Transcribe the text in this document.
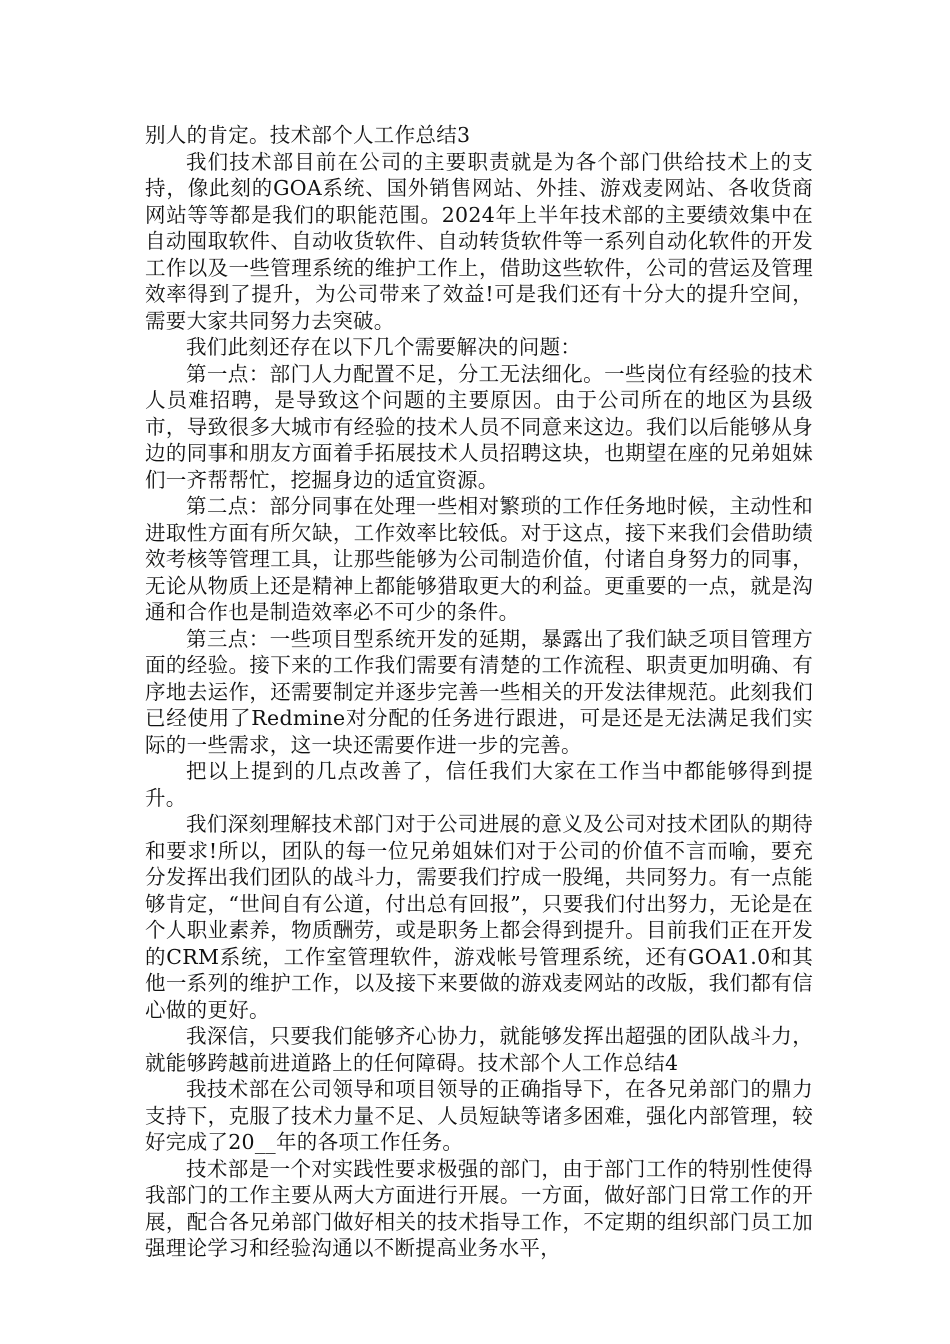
别人的肯定。技术部个人工作总结3

我们技术部目前在公司的主要职责就是为各个部门供给技术上的支持，像此刻的GOA系统、国外销售网站、外挂、游戏麦网站、各收货商网站等等都是我们的职能范围。2024年上半年技术部的主要绩效集中在自动囤取软件、自动收货软件、自动转货软件等一系列自动化软件的开发工作以及一些管理系统的维护工作上，借助这些软件，公司的营运及管理效率得到了提升，为公司带来了效益!可是我们还有十分大的提升空间，需要大家共同努力去突破。

我们此刻还存在以下几个需要解决的问题：

第一点：部门人力配置不足，分工无法细化。一些岗位有经验的技术人员难招聘，是导致这个问题的主要原因。由于公司所在的地区为县级市，导致很多大城市有经验的技术人员不同意来这边。我们以后能够从身边的同事和朋友方面着手拓展技术人员招聘这块，也期望在座的兄弟姐妹们一齐帮帮忙，挖掘身边的适宜资源。

第二点：部分同事在处理一些相对繁琐的工作任务地时候，主动性和进取性方面有所欠缺，工作效率比较低。对于这点，接下来我们会借助绩效考核等管理工具，让那些能够为公司制造价值，付诸自身努力的同事，无论从物质上还是精神上都能够猎取更大的利益。更重要的一点，就是沟通和合作也是制造效率必不可少的条件。

第三点：一些项目型系统开发的延期，暴露出了我们缺乏项目管理方面的经验。接下来的工作我们需要有清楚的工作流程、职责更加明确、有序地去运作，还需要制定并逐步完善一些相关的开发法律规范。此刻我们已经使用了Redmine对分配的任务进行跟进，可是还是无法满足我们实际的一些需求，这一块还需要作进一步的完善。

把以上提到的几点改善了，信任我们大家在工作当中都能够得到提升。

我们深刻理解技术部门对于公司进展的意义及公司对技术团队的期待和要求!所以，团队的每一位兄弟姐妹们对于公司的价值不言而喻，要充分发挥出我们团队的战斗力，需要我们拧成一股绳，共同努力。有一点能够肯定，“世间自有公道，付出总有回报”，只要我们付出努力，无论是在个人职业素养，物质酬劳，或是职务上都会得到提升。目前我们正在开发的CRM系统，工作室管理软件，游戏帐号管理系统，还有GOA1.0和其他一系列的维护工作，以及接下来要做的游戏麦网站的改版，我们都有信心做的更好。

我深信，只要我们能够齐心协力，就能够发挥出超强的团队战斗力，就能够跨越前进道路上的任何障碍。技术部个人工作总结4

我技术部在公司领导和项目领导的正确指导下，在各兄弟部门的鼎力支持下，克服了技术力量不足、人员短缺等诸多困难，强化内部管理，较好完成了20__年的各项工作任务。

技术部是一个对实践性要求极强的部门，由于部门工作的特别性使得我部门的工作主要从两大方面进行开展。一方面，做好部门日常工作的开展，配合各兄弟部门做好相关的技术指导工作，不定期的组织部门员工加强理论学习和经验沟通以不断提高业务水平，
